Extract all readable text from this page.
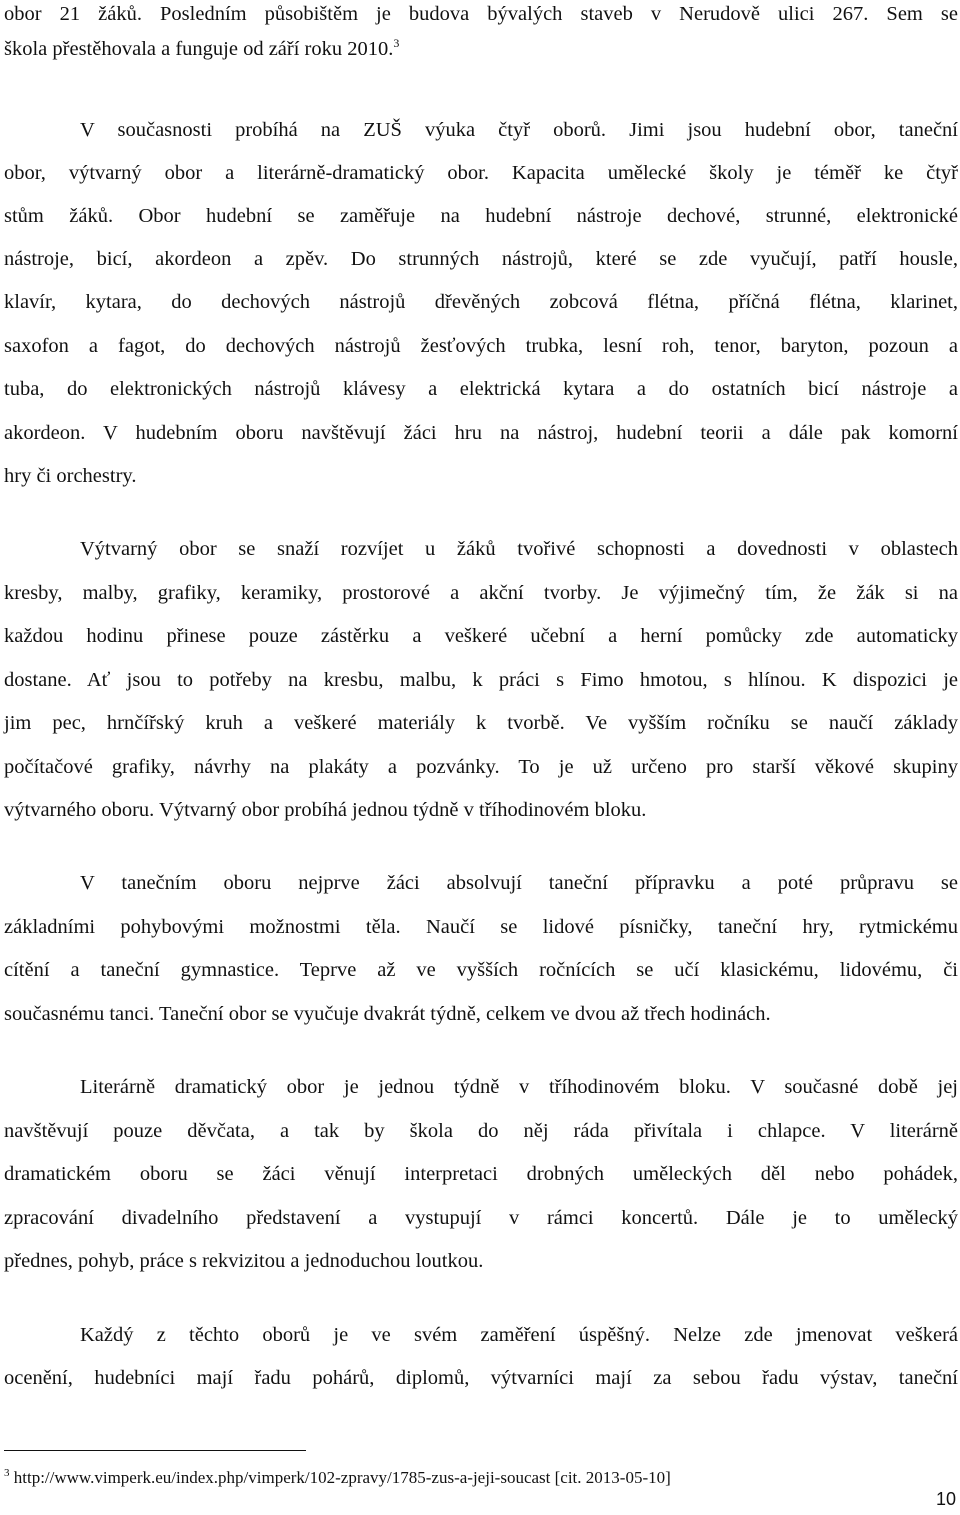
obor 21 žáků. Posledním působištěm je budova bývalých staveb v Nerudově ulici 267. Sem se
škola přestěhovala a funguje od září roku 2010.$^3$
V současnosti probíhá na ZUŠ výuka čtyř oborů. Jimi jsou hudební obor, taneční
obor, výtvarný obor a literárně-dramatický obor. Kapacita umělecké školy je téměř ke čtyř
stům žáků. Obor hudební se zaměřuje na hudební nástroje dechové, strunné, elektronické
nástroje, bicí, akordeon a zpěv. Do strunných nástrojů, které se zde vyučují, patří housle,
klavír, kytara, do dechových nástrojů dřevěných zobcová flétna, příčná flétna, klarinet,
saxofon a fagot, do dechových nástrojů žesťových trubka, lesní roh, tenor, baryton, pozoun a
tuba, do elektronických nástrojů klávesy a elektrická kytara a do ostatních bicí nástroje a
akordeon. V hudebním oboru navštěvují žáci hru na nástroj, hudební teorii a dále pak komorní
hry či orchestry.
Výtvarný obor se snaží rozvíjet u žáků tvořivé schopnosti a dovednosti v oblastech
kresby, malby, grafiky, keramiky, prostorové a akční tvorby. Je výjimečný tím, že žák si na
každou hodinu přinese pouze zástěrku a veškeré učební a herní pomůcky zde automaticky
dostane. Ať jsou to potřeby na kresbu, malbu, k práci s Fimo hmotou, s hlínou. K dispozici je
jim pec, hrnčířský kruh a veškeré materiály k tvorbě. Ve vyšším ročníku se naučí základy
počítačové grafiky, návrhy na plakáty a pozvánky. To je už určeno pro starší věkové skupiny
výtvarného oboru. Výtvarný obor probíhá jednou týdně v tříhodinovém bloku.
V tanečním oboru nejprve žáci absolvují taneční přípravku a poté průpravu se
základními pohybovými možnostmi těla. Naučí se lidové písničky, taneční hry, rytmickému
cítění a taneční gymnastice. Teprve až ve vyšších ročnících se učí klasickému, lidovému, či
současnému tanci. Taneční obor se vyučuje dvakrát týdně, celkem ve dvou až třech hodinách.
Literárně dramatický obor je jednou týdně v tříhodinovém bloku. V současné době jej
navštěvují pouze děvčata, a tak by škola do něj ráda přivítala i chlapce. V literárně
dramatickém oboru se žáci věnují interpretaci drobných uměleckých děl nebo pohádek,
zpracování divadelního představení a vystupují v rámci koncertů. Dále je to umělecký
přednes, pohyb, práce s rekvizitou a jednoduchou loutkou.
Každý z těchto oborů je ve svém zaměření úspěšný. Nelze zde jmenovat veškerá
ocenění, hudebníci mají řadu pohárů, diplomů, výtvarníci mají za sebou řadu výstav, taneční
$^3$ http://www.vimperk.eu/index.php/vimperk/102-zpravy/1785-zus-a-jeji-soucast [cit. 2013-05-10]
10
